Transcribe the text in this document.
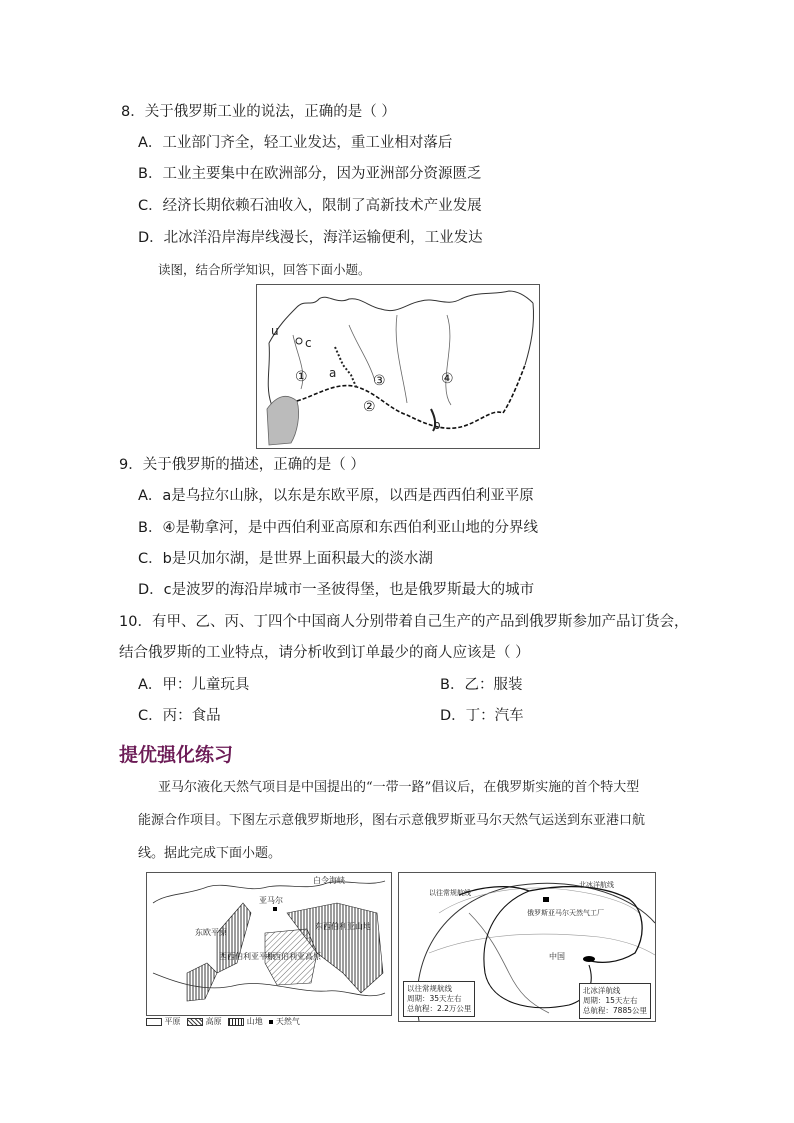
8．关于俄罗斯工业的说法，正确的是（ ）
A．工业部门齐全，轻工业发达，重工业相对落后
B．工业主要集中在欧洲部分，因为亚洲部分资源匮乏
C．经济长期依赖石油收入，限制了高新技术产业发展
D．北冰洋沿岸海岸线漫长，海洋运输便利，工业发达
读图，结合所学知识，回答下面小题。
u
c
a
b
①
②
③	④
9．关于俄罗斯的描述，正确的是（ ）
A．a是乌拉尔山脉，以东是东欧平原，以西是西西伯利亚平原
B．④是勒拿河，是中西伯利亚高原和东西伯利亚山地的分界线
C．b是贝加尔湖，是世界上面积最大的淡水湖
D．c是波罗的海沿岸城市一圣彼得堡，也是俄罗斯最大的城市
10．有甲、乙、丙、丁四个中国商人分别带着自己生产的产品到俄罗斯参加产品订货会，
结合俄罗斯的工业特点，请分析收到订单最少的商人应该是（ ）
A．甲：儿童玩具	B．乙：服装
C．丙：食品	D．丁：汽车
提优强化练习
亚马尔液化天然气项目是中国提出的“一带一路”倡议后，在俄罗斯实施的首个特大型
能源合作项目。下图左示意俄罗斯地形，图右示意俄罗斯亚马尔天然气运送到东亚港口航
线。据此完成下面小题。
白令海峡
亚马尔
东欧平原
西西伯利亚平原
中西伯利亚高原
东西伯利亚山地
平原	高原	山地 天然气
以往常规航线
北冰洋航线
俄罗斯亚马尔天然气工厂
中国
以往常规航线
周期：35天左右
总航程：2.2万公里
北冰洋航线
周期：15天左右
总航程：7885公里
